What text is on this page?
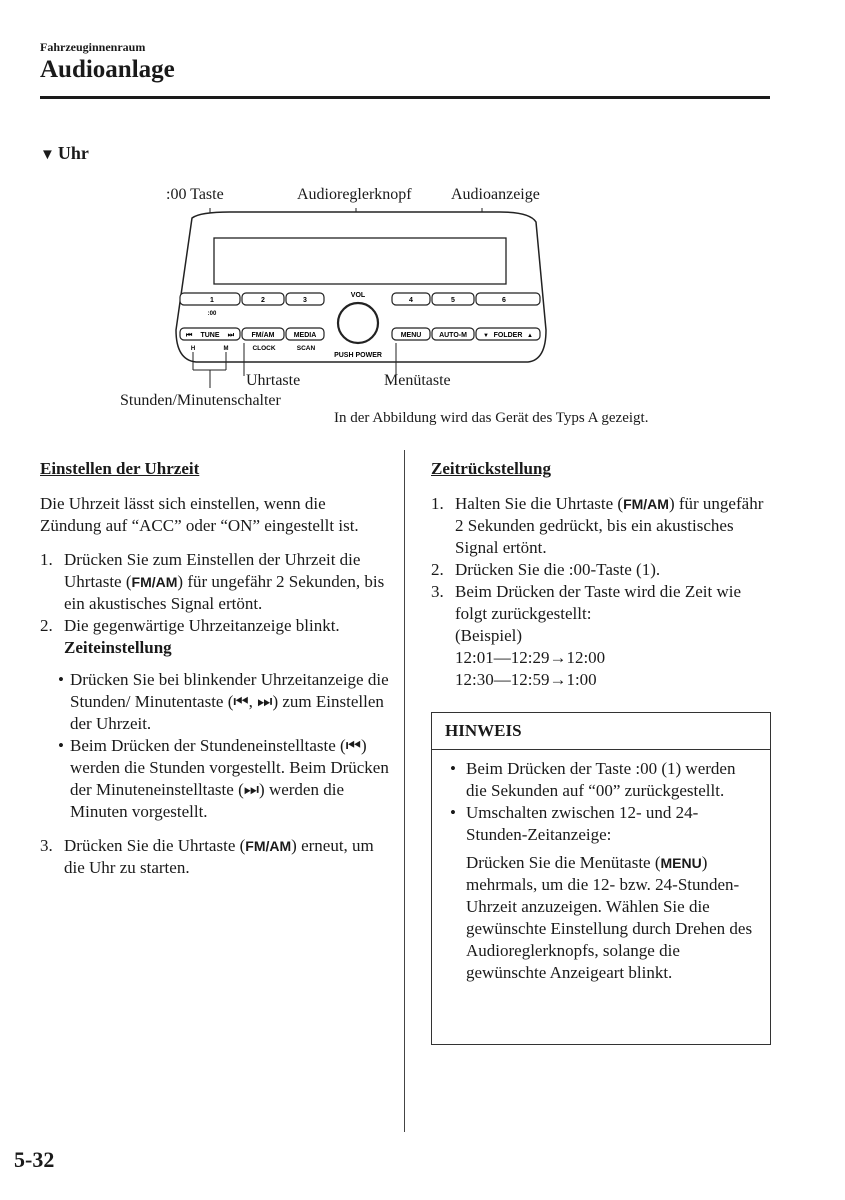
Fahrzeuginnenraum
Audioanlage
▼ Uhr
:00 Taste	Audioreglerknopf Audioanzeige
VOL
PUSH POWER
1	2	3	4	5	6
:00
⏮ TUNE ⏭	FM/AM	MEDIA	MENU	AUTO-M	▼ FOLDER ▲
H	M	CLOCK	SCAN
Uhrtaste	Menütaste
Stunden/Minutenschalter
In der Abbildung wird das Gerät des Typs A gezeigt.

Einstellen der Uhrzeit

Die Uhrzeit lässt sich einstellen, wenn die Zündung auf “ACC” oder “ON” eingestellt ist.

1. Drücken Sie zum Einstellen der Uhrzeit die Uhrtaste (FM/AM) für ungefähr 2 Sekunden, bis ein akustisches Signal ertönt.
2. Die gegenwärtige Uhrzeitanzeige blinkt.
Zeiteinstellung
• Drücken Sie bei blinkender Uhrzeitanzeige die Stunden/ Minutentaste (⏮, ⏭) zum Einstellen der Uhrzeit.
• Beim Drücken der Stundeneinstelltaste (⏮) werden die Stunden vorgestellt. Beim Drücken der Minuteneinstelltaste (⏭) werden die Minuten vorgestellt.
3. Drücken Sie die Uhrtaste (FM/AM) erneut, um die Uhr zu starten.

Zeitrückstellung

1. Halten Sie die Uhrtaste (FM/AM) für ungefähr 2 Sekunden gedrückt, bis ein akustisches Signal ertönt.
2. Drücken Sie die :00-Taste (1).
3. Beim Drücken der Taste wird die Zeit wie folgt zurückgestellt:
(Beispiel)
12:01—12:29→12:00
12:30—12:59→1:00
HINWEIS
• Beim Drücken der Taste :00 (1) werden die Sekunden auf “00” zurückgestellt.
• Umschalten zwischen 12- und 24-Stunden-Zeitanzeige:
Drücken Sie die Menütaste (MENU) mehrmals, um die 12- bzw. 24-Stunden-Uhrzeit anzuzeigen. Wählen Sie die gewünschte Einstellung durch Drehen des Audioreglerknopfs, solange die gewünschte Anzeigeart blinkt.
5-32
